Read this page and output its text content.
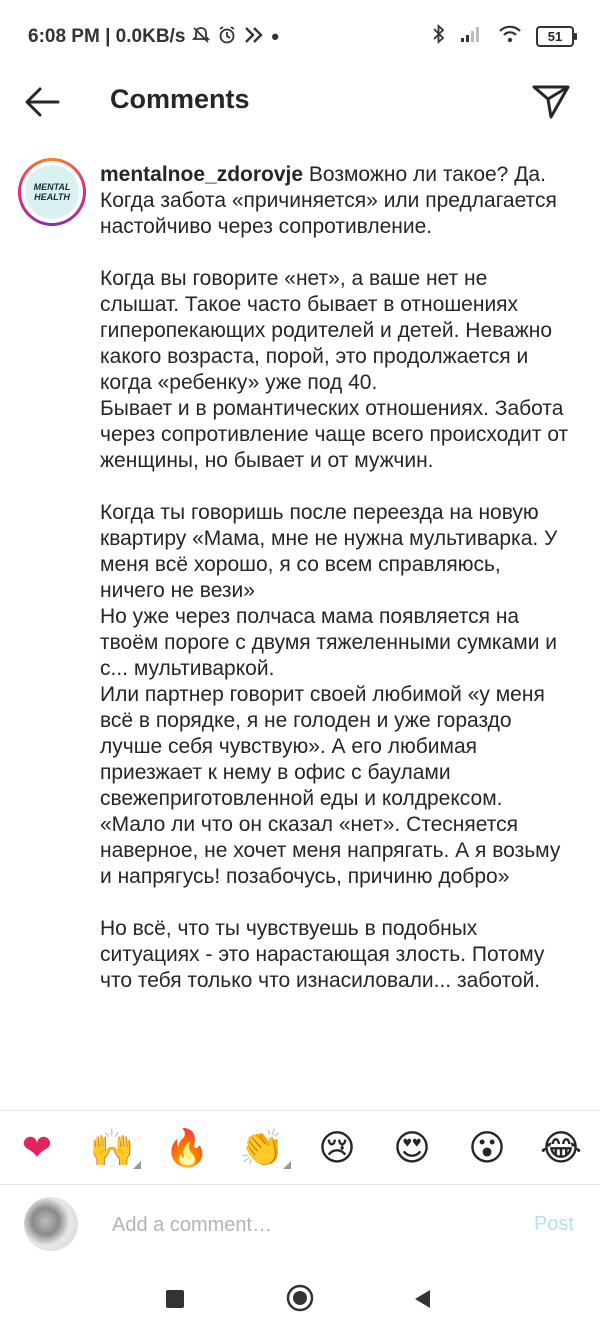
6:08 PM | 0.0KB/s	•	51
Comments
MENTAL HEALTH

mentalnoe_zdorovje Возможно ли такое? Да. Когда забота «причиняется» или предлагается настойчиво через сопротивление.

Когда вы говорите «нет», а ваше нет не слышат. Такое часто бывает в отношениях гиперопекающих родителей и детей. Неважно какого возраста, порой, это продолжается и когда «ребенку» уже под 40.
Бывает и в романтических отношениях. Забота через сопротивление чаще всего происходит от женщины, но бывает и от мужчин.

Когда ты говоришь после переезда на новую квартиру «Мама, мне не нужна мультиварка. У меня всё хорошо, я со всем справляюсь, ничего не вези»
Но уже через полчаса мама появляется на твоём пороге с двумя тяжеленными сумками и с... мультиваркой.
Или партнер говорит своей любимой «у меня всё в порядке, я не голоден и уже гораздо лучше себя чувствую». А его любимая приезжает к нему в офис с баулами свежеприготовленной еды и колдрексом. «Мало ли что он сказал «нет». Стесняется наверное, не хочет меня напрягать. А я возьму и напрягусь! позабочусь, причиню добро»

Но всё, что ты чувствуешь в подобных ситуациях - это нарастающая злость. Потому что тебя только что изнасиловали... заботой.

❤ 🙌 🔥 👏 😢 😍 😮 😂
Add a comment…
Post
